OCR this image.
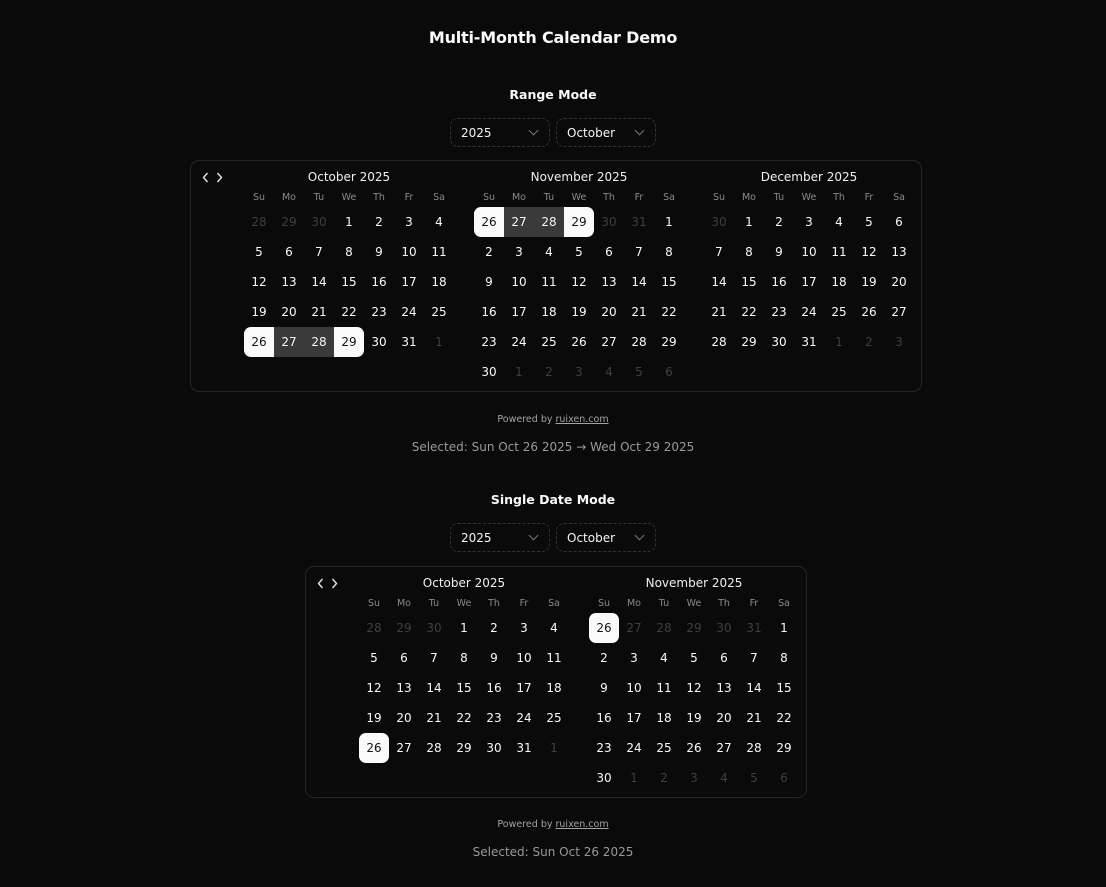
Multi-Month Calendar Demo
Range Mode
2025	October
October 2025
Su	Mo	Tu	We	Th	Fr	Sa
28	29	30	1	2	3	4
5	6	7	8	9	10	11
12	13	14	15	16	17	18
19	20	21	22	23	24	25
26	27	28	29	30	31	1
November 2025
Su	Mo	Tu	We	Th	Fr	Sa
26	27	28	29	30	31	1
2	3	4	5	6	7	8
9	10	11	12	13	14	15
16	17	18	19	20	21	22
23	24	25	26	27	28	29
30	1	2	3	4	5	6
December 2025
Su	Mo	Tu	We	Th	Fr	Sa
30	1	2	3	4	5	6
7	8	9	10	11	12	13
14	15	16	17	18	19	20
21	22	23	24	25	26	27
28	29	30	31	1	2	3
Powered by ruixen.com
Selected: Sun Oct 26 2025 → Wed Oct 29 2025
Single Date Mode
2025	October
October 2025
Su	Mo	Tu	We	Th	Fr	Sa
28	29	30	1	2	3	4
5	6	7	8	9	10	11
12	13	14	15	16	17	18
19	20	21	22	23	24	25
26	27	28	29	30	31	1
November 2025
Su	Mo	Tu	We	Th	Fr	Sa
26	27	28	29	30	31	1
2	3	4	5	6	7	8
9	10	11	12	13	14	15
16	17	18	19	20	21	22
23	24	25	26	27	28	29
30	1	2	3	4	5	6
Powered by ruixen.com
Selected: Sun Oct 26 2025
